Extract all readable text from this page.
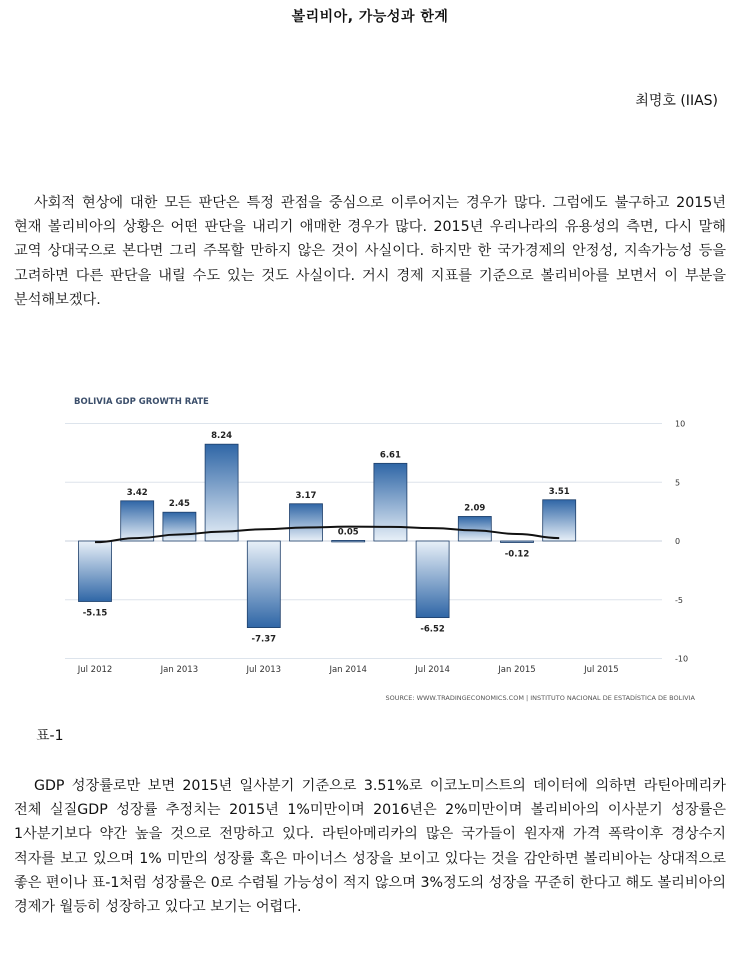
볼리비아, 가능성과 한계
최명호 (IIAS)
사회적 현상에 대한 모든 판단은 특정 관점을 중심으로 이루어지는 경우가 많다. 그럼에도 불구하고 2015년 현재 볼리비아의 상황은 어떤 판단을 내리기 애매한 경우가 많다. 2015년 우리나라의 유용성의 측면, 다시 말해 교역 상대국으로 본다면 그리 주목할 만하지 않은 것이 사실이다. 하지만 한 국가경제의 안정성, 지속가능성 등을 고려하면 다른 판단을 내릴 수도 있는 것도 사실이다. 거시 경제 지표를 기준으로 볼리비아를 보면서 이 부분을 분석해보겠다.
BOLIVIA GDP GROWTH RATE
-5.15
3.42
2.45
8.24
-7.37
3.17
0.05
6.61
-6.52
2.09
-0.12
3.51
Jul 2012	Jan 2013	Jul 2013	Jan 2014	Jul 2014	Jan 2015	Jul 2015
10
5
0
-5
-10
SOURCE: WWW.TRADINGECONOMICS.COM | INSTITUTO NACIONAL DE ESTADÍSTICA DE BOLIVIA
표-1
GDP 성장률로만 보면 2015년 일사분기 기준으로 3.51%로 이코노미스트의 데이터에 의하면 라틴아메리카 전체 실질GDP 성장률 추정치는 2015년 1%미만이며 2016년은 2%미만이며 볼리비아의 이사분기 성장률은 1사분기보다 약간 높을 것으로 전망하고 있다. 라틴아메리카의 많은 국가들이 원자재 가격 폭락이후 경상수지 적자를 보고 있으며 1% 미만의 성장률 혹은 마이너스 성장을 보이고 있다는 것을 감안하면 볼리비아는 상대적으로 좋은 편이나 표-1처럼 성장률은 0로 수렴될 가능성이 적지 않으며 3%정도의 성장을 꾸준히 한다고 해도 볼리비아의 경제가 월등히 성장하고 있다고 보기는 어렵다.
